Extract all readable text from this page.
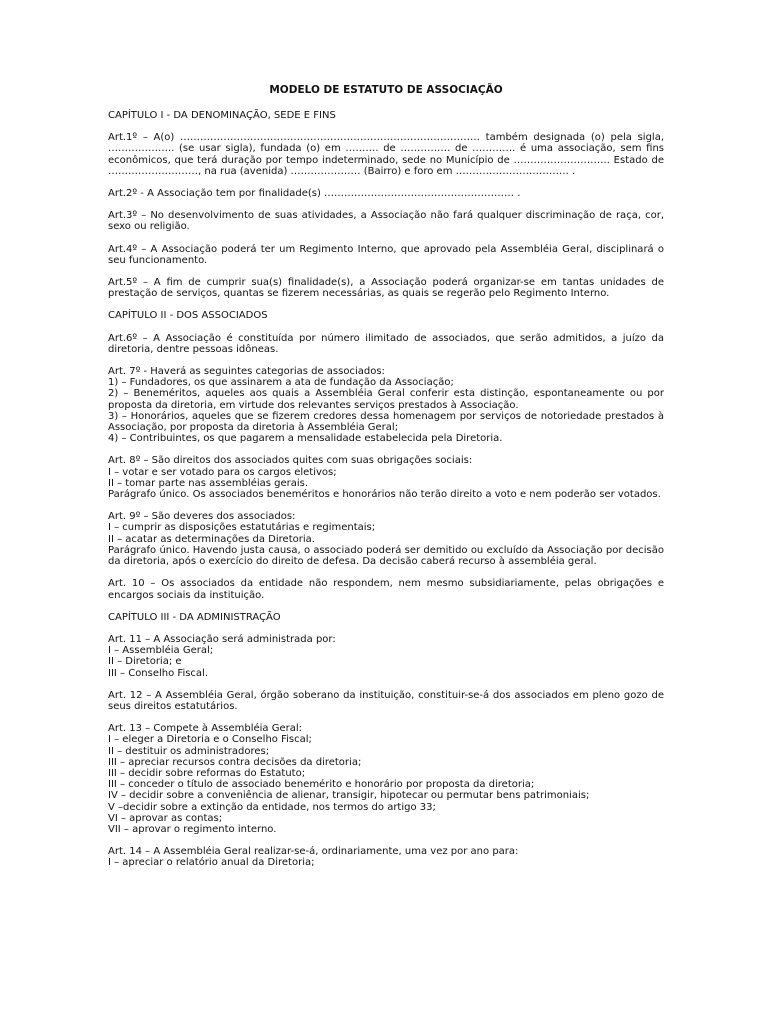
MODELO DE ESTATUTO DE ASSOCIAÇÃO
CAPÍTULO I - DA DENOMINAÇÃO, SEDE E FINS
Art.1º – A(o) ……………………………………………………………………………… também designada (o) pela sigla, ……………….. (se usar sigla), fundada (o) em ………. de …………… de …………. é uma associação, sem fins econômicos, que terá duração por tempo indeterminado, sede no Município de ……………………….. Estado de ………………………, na rua (avenida) ………………… (Bairro) e foro em ……………………………. .
Art.2º - A Associação tem por finalidade(s) ………………………………………………… .
Art.3º – No desenvolvimento de suas atividades, a Associação não fará qualquer discriminação de raça, cor, sexo ou religião.
Art.4º – A Associação poderá ter um Regimento Interno, que aprovado pela Assembléia Geral, disciplinará o seu funcionamento.
Art.5º – A fim de cumprir sua(s) finalidade(s), a Associação poderá organizar-se em tantas unidades de prestação de serviços, quantas se fizerem necessárias, as quais se regerão pelo Regimento Interno.
CAPÍTULO II - DOS ASSOCIADOS
Art.6º – A Associação é constituída por número ilimitado de associados, que serão admitidos, a juízo da diretoria, dentre pessoas idôneas.
Art. 7º - Haverá as seguintes categorias de associados:
1) – Fundadores, os que assinarem a ata de fundação da Associação;
2) – Beneméritos, aqueles aos quais a Assembléia Geral conferir esta distinção, espontaneamente ou por proposta da diretoria, em virtude dos relevantes serviços prestados à Associação.
3) – Honorários, aqueles que se fizerem credores dessa homenagem por serviços de notoriedade prestados à Associação, por proposta da diretoria à Assembléia Geral;
4) – Contribuintes, os que pagarem a mensalidade estabelecida pela Diretoria.
Art. 8º – São direitos dos associados quites com suas obrigações sociais:
I – votar e ser votado para os cargos eletivos;
II – tomar parte nas assembléias gerais.
Parágrafo único. Os associados beneméritos e honorários não terão direito a voto e nem poderão ser votados.
Art. 9º – São deveres dos associados:
I – cumprir as disposições estatutárias e regimentais;
II – acatar as determinações da Diretoria.
Parágrafo único. Havendo justa causa, o associado poderá ser demitido ou excluído da Associação por decisão da diretoria, após o exercício do direito de defesa. Da decisão caberá recurso à assembléia geral.
Art. 10 – Os associados da entidade não respondem, nem mesmo subsidiariamente, pelas obrigações e encargos sociais da instituição.
CAPÍTULO III - DA ADMINISTRAÇÃO
Art. 11 – A Associação será administrada por:
I – Assembléia Geral;
II – Diretoria; e
III – Conselho Fiscal.
Art. 12 – A Assembléia Geral, órgão soberano da instituição, constituir-se-á dos associados em pleno gozo de seus direitos estatutários.
Art. 13 – Compete à Assembléia Geral:
I – eleger a Diretoria e o Conselho Fiscal;
II – destituir os administradores;
III – apreciar recursos contra decisões da diretoria;
III – decidir sobre reformas do Estatuto;
III – conceder o título de associado benemérito e honorário por proposta da diretoria;
IV – decidir sobre a conveniência de alienar, transigir, hipotecar ou permutar bens patrimoniais;
V –decidir sobre a extinção da entidade, nos termos do artigo 33;
VI – aprovar as contas;
VII – aprovar o regimento interno.
Art. 14 – A Assembléia Geral realizar-se-á, ordinariamente, uma vez por ano para:
I – apreciar o relatório anual da Diretoria;
